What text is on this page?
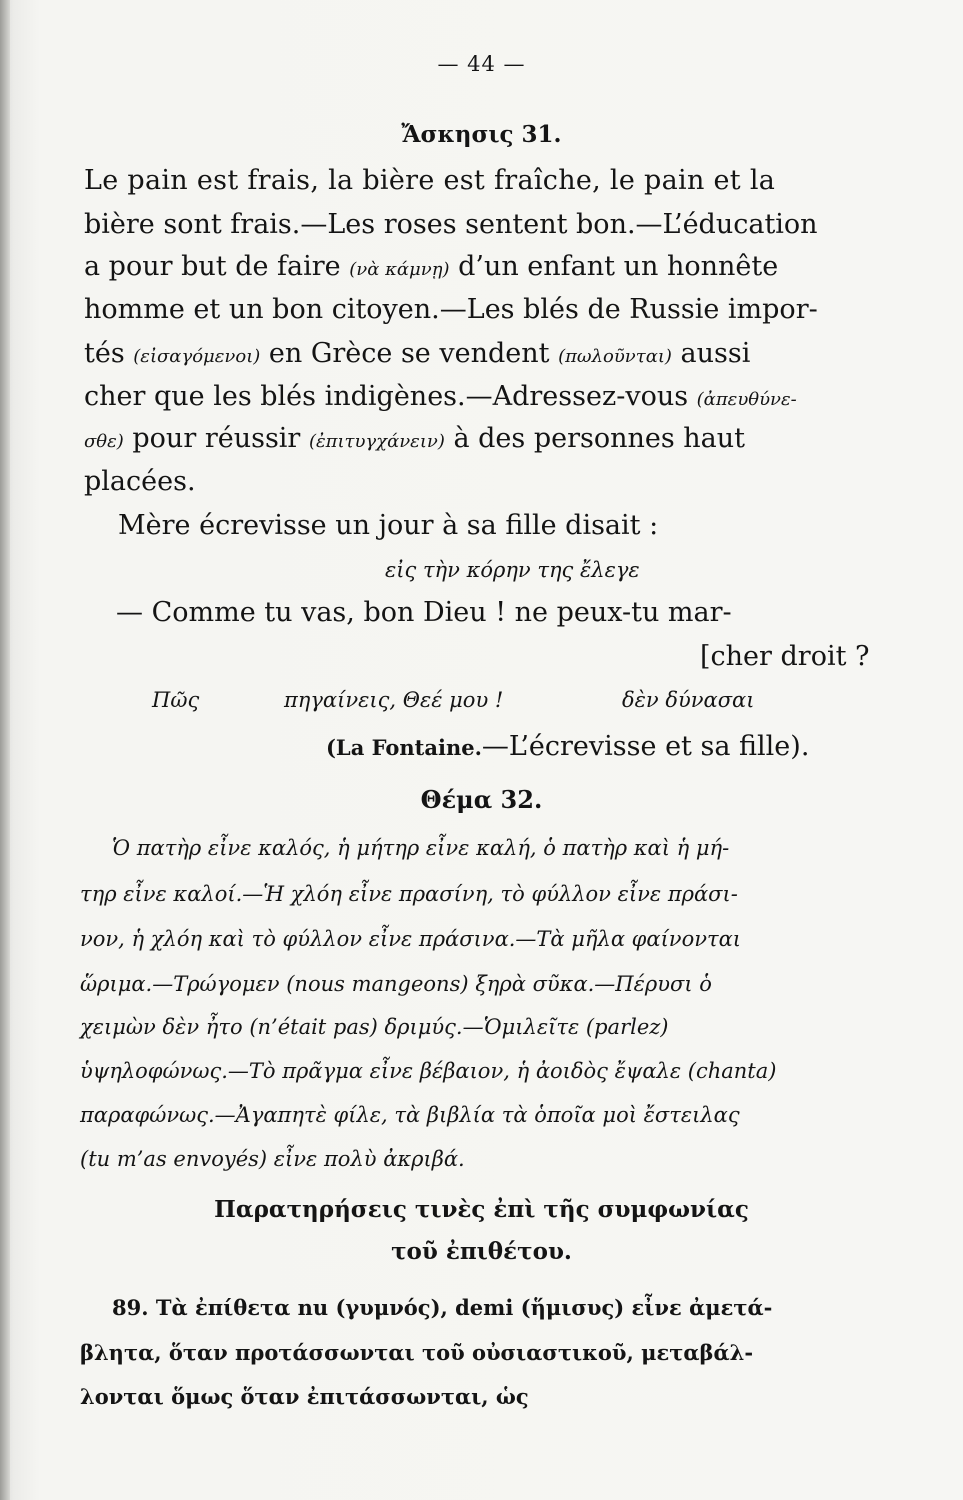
— 44 —
Ἄσκησις 31.
Le pain est frais, la bière est fraîche, le pain et la
bière sont frais.—Les roses sentent bon.—L’éducation
a pour but de faire (νὰ κάμνῃ) d’un enfant un honnête
homme et un bon citoyen.—Les blés de Russie impor-
tés (εἰσαγόμενοι) en Grèce se vendent (πωλοῦνται) aussi
cher que les blés indigènes.—Adressez-vous (ἀπευθύνε-
σθε) pour réussir (ἐπιτυγχάνειν) à des personnes haut
placées.
Mère écrevisse un jour à sa fille disait :
εἰς τὴν κόρην της ἔλεγε
— Comme tu vas, bon Dieu ! ne peux-tu mar-
[cher droit ?
Πῶς	πηγαίνεις, Θεέ μου !	δὲν δύνασαι
(La Fontaine.—L’écrevisse et sa fille).
Θέμα 32.
Ὁ πατὴρ εἶνε καλός, ἡ μήτηρ εἶνε καλή, ὁ πατὴρ καὶ ἡ μή-
τηρ εἶνε καλοί.—Ἡ χλόη εἶνε πρασίνη, τὸ φύλλον εἶνε πράσι-
νον, ἡ χλόη καὶ τὸ φύλλον εἶνε πράσινα.—Τὰ μῆλα φαίνονται
ὥριμα.—Τρώγομεν (nous mangeons) ξηρὰ σῦκα.—Πέρυσι ὁ
χειμὼν δὲν ἦτο (n’était pas) δριμύς.—Ὁμιλεῖτε (parlez)
ὑψηλοφώνως.—Τὸ πρᾶγμα εἶνε βέβαιον, ἡ ἀοιδὸς ἔψαλε (chanta)
παραφώνως.—Ἀγαπητὲ φίλε, τὰ βιβλία τὰ ὁποῖα μοὶ ἔστειλας
(tu m’as envoyés) εἶνε πολὺ ἀκριβά.
Παρατηρήσεις τινὲς ἐπὶ τῆς συμφωνίας
τοῦ ἐπιθέτου.
89. Τὰ ἐπίθετα nu (γυμνός), demi (ἥμισυς) εἶνε ἀμετά-
βλητα, ὅταν προτάσσωνται τοῦ οὐσιαστικοῦ, μεταβάλ-
λονται ὅμως ὅταν ἐπιτάσσωνται, ὡς
